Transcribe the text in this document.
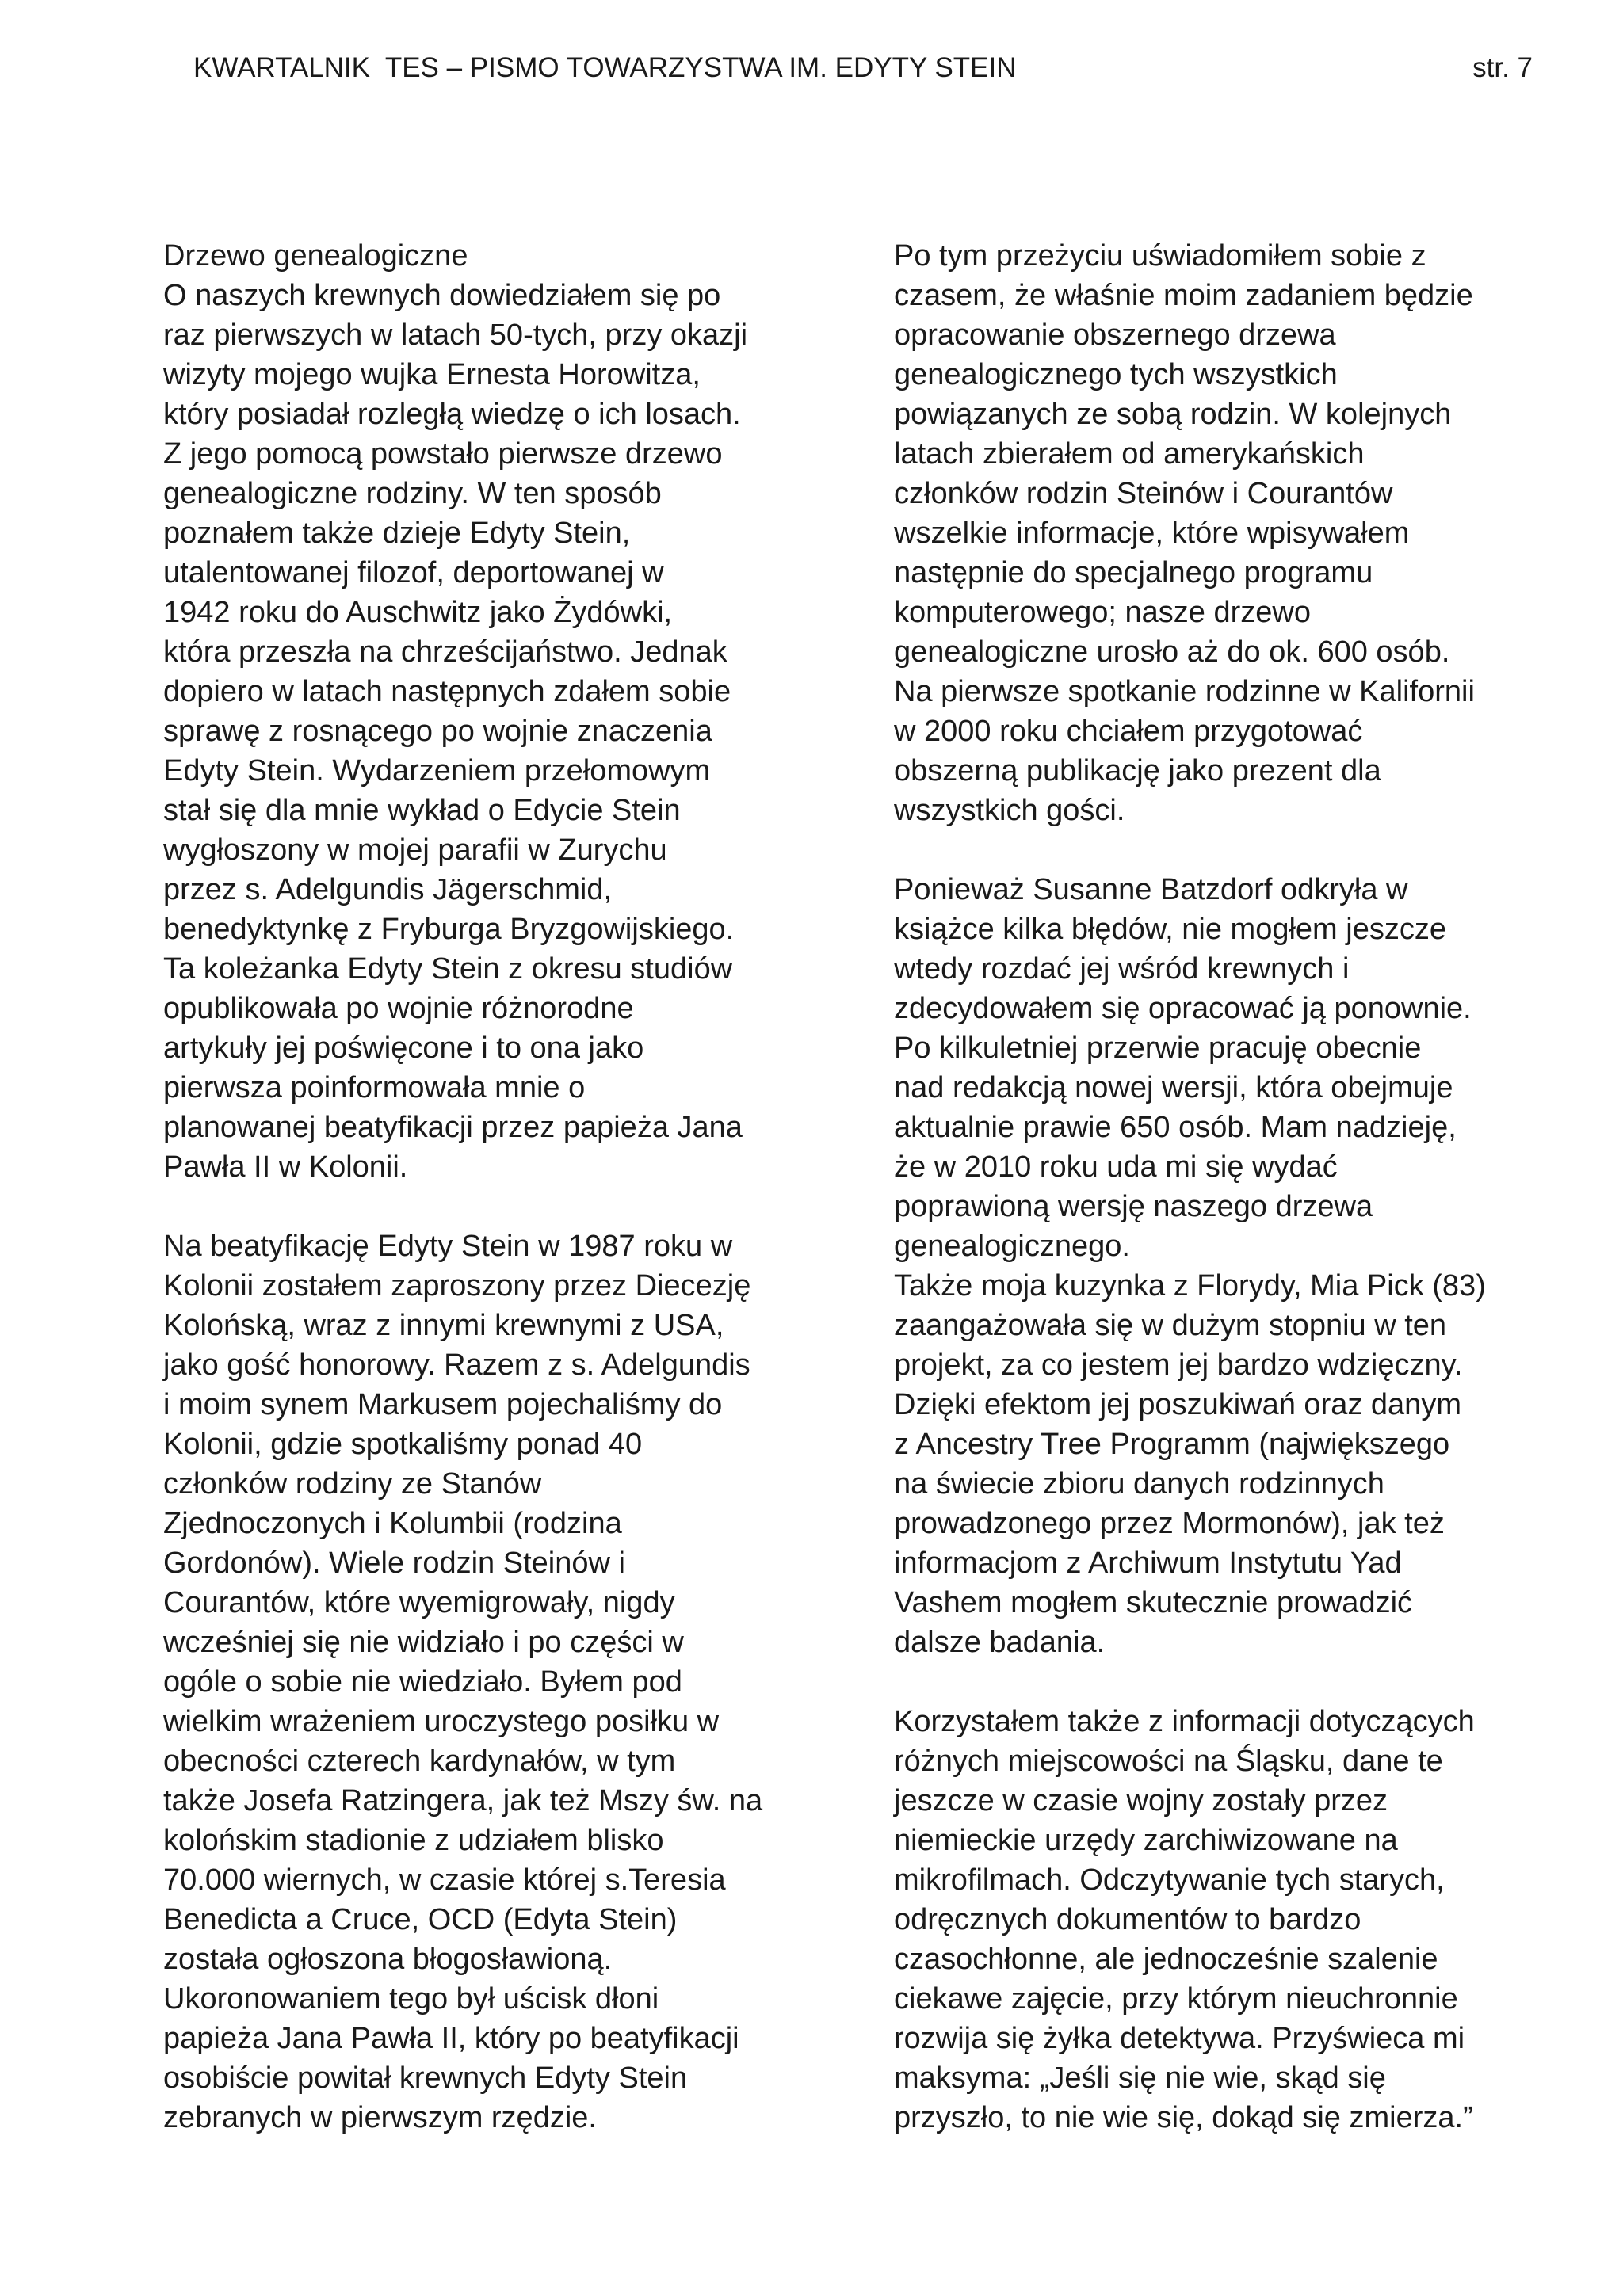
KWARTALNIK  TES – PISMO TOWARZYSTWA IM. EDYTY STEIN	str. 7
Drzewo genealogiczne
O naszych krewnych dowiedziałem się po
raz pierwszych w latach 50-tych, przy okazji
wizyty mojego wujka Ernesta Horowitza,
który posiadał rozległą wiedzę o ich losach.
Z jego pomocą powstało pierwsze drzewo
genealogiczne rodziny. W ten sposób
poznałem także dzieje Edyty Stein,
utalentowanej filozof, deportowanej w
1942 roku do Auschwitz jako Żydówki,
która przeszła na chrześcijaństwo. Jednak
dopiero w latach następnych zdałem sobie
sprawę z rosnącego po wojnie znaczenia
Edyty Stein. Wydarzeniem przełomowym
stał się dla mnie wykład o Edycie Stein
wygłoszony w mojej parafii w Zurychu
przez s. Adelgundis Jägerschmid,
benedyktynkę z Fryburga Bryzgowijskiego.
Ta koleżanka Edyty Stein z okresu studiów
opublikowała po wojnie różnorodne
artykuły jej poświęcone i to ona jako
pierwsza poinformowała mnie o
planowanej beatyfikacji przez papieża Jana
Pawła II w Kolonii.
Na beatyfikację Edyty Stein w 1987 roku w
Kolonii zostałem zaproszony przez Diecezję
Kolońską, wraz z innymi krewnymi z USA,
jako gość honorowy. Razem z s. Adelgundis
i moim synem Markusem pojechaliśmy do
Kolonii, gdzie spotkaliśmy ponad 40
członków rodziny ze Stanów
Zjednoczonych i Kolumbii (rodzina
Gordonów). Wiele rodzin Steinów i
Courantów, które wyemigrowały, nigdy
wcześniej się nie widziało i po części w
ogóle o sobie nie wiedziało. Byłem pod
wielkim wrażeniem uroczystego posiłku w
obecności czterech kardynałów, w tym
także Josefa Ratzingera, jak też Mszy św. na
kolońskim stadionie z udziałem blisko
70.000 wiernych, w czasie której s.Teresia
Benedicta a Cruce, OCD (Edyta Stein)
została ogłoszona błogosławioną.
Ukoronowaniem tego był uścisk dłoni
papieża Jana Pawła II, który po beatyfikacji
osobiście powitał krewnych Edyty Stein
zebranych w pierwszym rzędzie.
Po tym przeżyciu uświadomiłem sobie z
czasem, że właśnie moim zadaniem będzie
opracowanie obszernego drzewa
genealogicznego tych wszystkich
powiązanych ze sobą rodzin. W kolejnych
latach zbierałem od amerykańskich
członków rodzin Steinów i Courantów
wszelkie informacje, które wpisywałem
następnie do specjalnego programu
komputerowego; nasze drzewo
genealogiczne urosło aż do ok. 600 osób.
Na pierwsze spotkanie rodzinne w Kalifornii
w 2000 roku chciałem przygotować
obszerną publikację jako prezent dla
wszystkich gości.
Ponieważ Susanne Batzdorf odkryła w
książce kilka błędów, nie mogłem jeszcze
wtedy rozdać jej wśród krewnych i
zdecydowałem się opracować ją ponownie.
Po kilkuletniej przerwie pracuję obecnie
nad redakcją nowej wersji, która obejmuje
aktualnie prawie 650 osób. Mam nadzieję,
że w 2010 roku uda mi się wydać
poprawioną wersję naszego drzewa
genealogicznego.
Także moja kuzynka z Florydy, Mia Pick (83)
zaangażowała się w dużym stopniu w ten
projekt, za co jestem jej bardzo wdzięczny.
Dzięki efektom jej poszukiwań oraz danym
z Ancestry Tree Programm (największego
na świecie zbioru danych rodzinnych
prowadzonego przez Mormonów), jak też
informacjom z Archiwum Instytutu Yad
Vashem mogłem skutecznie prowadzić
dalsze badania.
Korzystałem także z informacji dotyczących
różnych miejscowości na Śląsku, dane te
jeszcze w czasie wojny zostały przez
niemieckie urzędy zarchiwizowane na
mikrofilmach. Odczytywanie tych starych,
odręcznych dokumentów to bardzo
czasochłonne, ale jednocześnie szalenie
ciekawe zajęcie, przy którym nieuchronnie
rozwija się żyłka detektywa. Przyświeca mi
maksyma: „Jeśli się nie wie, skąd się
przyszło, to nie wie się, dokąd się zmierza.”
